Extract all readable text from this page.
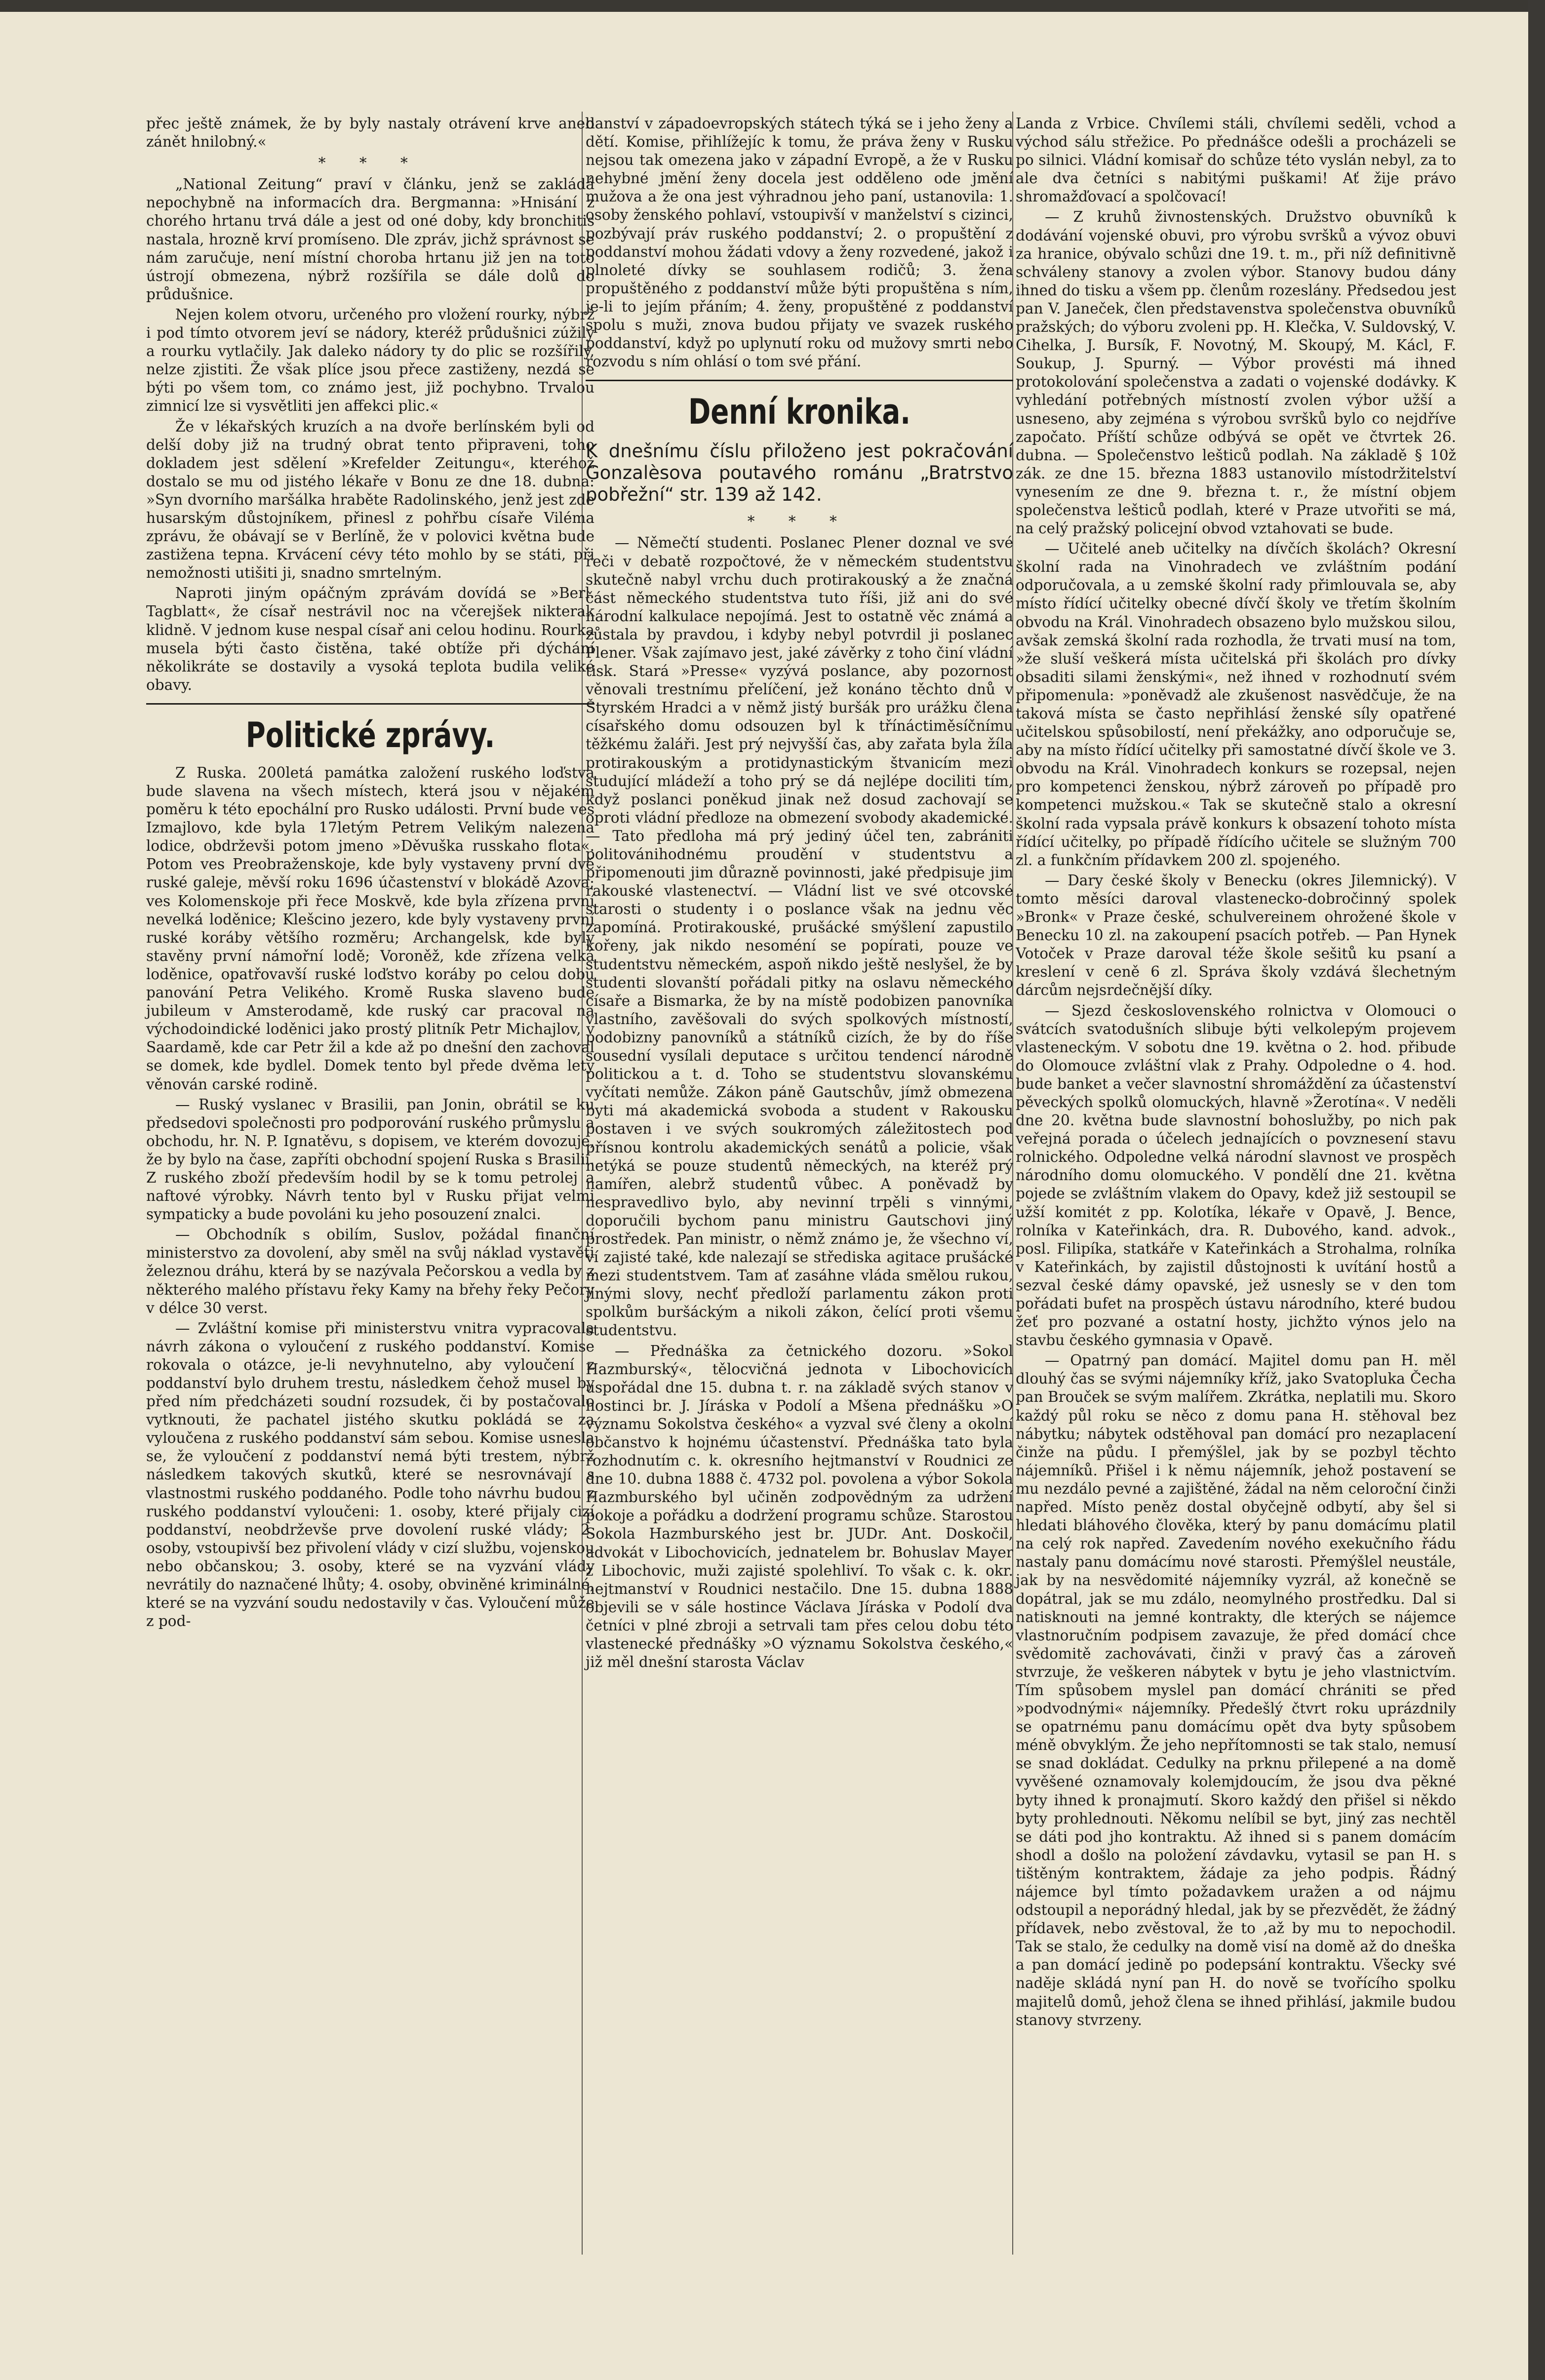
přec ještě známek, že by byly nastaly otrávení krve aneb zánět hnilobný.«

* * *

„National Zeitung“ praví v článku, jenž se zakládá nepochybně na informacích dra. Bergmanna: »Hnisání z chorého hrtanu trvá dále a jest od oné doby, kdy bronchitis nastala, hrozně krví promíseno. Dle zpráv, jichž správnost se nám zaručuje, není místní choroba hrtanu již jen na toto ústrojí obmezena, nýbrž rozšířila se dále dolů do průdušnice.

Nejen kolem otvoru, určeného pro vložení rourky, nýbrž i pod tímto otvorem jeví se nádory, kteréž průdušnici zúžily a rourku vytlačily. Jak daleko nádory ty do plic se rozšířily, nelze zjistiti. Že však plíce jsou přece zastiženy, nezdá se býti po všem tom, co známo jest, již pochybno. Trvalou zimnicí lze si vysvětliti jen affekci plic.«

Že v lékařských kruzích a na dvoře berlínském byli od delší doby již na trudný obrat tento připraveni, toho dokladem jest sdělení »Krefelder Zeitungu«, kteréhož dostalo se mu od jistého lékaře v Bonu ze dne 18. dubna: »Syn dvorního maršálka hraběte Radolinského, jenž jest zde husarským důstojníkem, přinesl z pohřbu císaře Viléma zprávu, že obávají se v Berlíně, že v polovici května bude zastižena tepna. Krvácení cévy této mohlo by se státi, při nemožnosti utišiti ji, snadno smrtelným.

Naproti jiným opáčným zprávám dovídá se »Berl. Tagblatt«, že císař nestrávil noc na včerejšek nikterak klidně. V jednom kuse nespal císař ani celou hodinu. Rourka musela býti často čistěna, také obtíže při dýchání několikráte se dostavily a vysoká teplota budila veliké obavy.

Politické zprávy.

Z Ruska. 200letá památka založení ruského loďstva bude slavena na všech místech, která jsou v nějakém poměru k této epochální pro Rusko události. První bude ves Izmajlovo, kde byla 17letým Petrem Velikým nalezena lodice, obdrževši potom jmeno »Děvuška russkaho flota«. Potom ves Preobraženskoje, kde byly vystaveny první dvě ruské galeje, měvší roku 1696 účastenství v blokádě Azova; ves Kolomenskoje při řece Moskvě, kde byla zřízena první nevelká loděnice; Klešcino jezero, kde byly vystaveny první ruské koráby většího rozměru; Archangelsk, kde byly stavěny první námořní lodě; Voroněž, kde zřízena velká loděnice, opatřovavší ruské loďstvo koráby po celou dobu panování Petra Velikého. Kromě Ruska slaveno bude jubileum v Amsterodamě, kde ruský car pracoval na východoindické loděnici jako prostý plitník Petr Michajlov, v Saardamě, kde car Petr žil a kde až po dnešní den zachoval se domek, kde bydlel. Domek tento byl přede dvěma lety věnován carské rodině.

— Ruský vyslanec v Brasilii, pan Jonin, obrátil se ku předsedovi společnosti pro podporování ruského průmyslu a obchodu, hr. N. P. Ignatěvu, s dopisem, ve kterém dovozuje, že by bylo na čase, zapříti obchodní spojení Ruska s Brasilií. Z ruského zboží především hodil by se k tomu petrolej a naftové výrobky. Návrh tento byl v Rusku přijat velmi sympaticky a bude povoláni ku jeho posouzení znalci.

— Obchodník s obilím, Suslov, požádal finanční ministerstvo za dovolení, aby směl na svůj náklad vystavěti železnou dráhu, která by se nazývala Pečorskou a vedla by z některého malého přístavu řeky Kamy na břehy řeky Pečory v délce 30 verst.

— Zvláštní komise při ministerstvu vnitra vypracovala návrh zákona o vyloučení z ruského poddanství. Komise rokovala o otázce, je-li nevyhnutelno, aby vyloučení z poddanství bylo druhem trestu, následkem čehož musel by před ním předcházeti soudní rozsudek, či by postačovalo vytknouti, že pachatel jistého skutku pokládá se za vyloučena z ruského poddanství sám sebou. Komise usnesla se, že vyloučení z poddanství nemá býti trestem, nýbrž následkem takových skutků, které se nesrovnávají s vlastnostmi ruského poddaného. Podle toho návrhu budou z ruského poddanství vyloučeni: 1. osoby, které přijaly cizí poddanství, neobdrževše prve dovolení ruské vlády; 2. osoby, vstoupivší bez přivolení vlády v cizí službu, vojenskou nebo občanskou; 3. osoby, které se na vyzvání vlády nevrátily do naznačené lhůty; 4. osoby, obviněné kriminálné, které se na vyzvání soudu nedostavily v čas. Vyloučení může z pod-

danství v západoevropských státech týká se i jeho ženy a dětí. Komise, přihlížejíc k tomu, že práva ženy v Rusku nejsou tak omezena jako v západní Evropě, a že v Rusku nehybné jmění ženy docela jest odděleno ode jmění mužova a že ona jest výhradnou jeho paní, ustanovila: 1. osoby ženského pohlaví, vstoupivší v manželství s cizinci, pozbývají práv ruského poddanství; 2. o propuštění z poddanství mohou žádati vdovy a ženy rozvedené, jakož i plnoleté dívky se souhlasem rodičů; 3. žena propuštěného z poddanství může býti propuštěna s ním, je-li to jejím přáním; 4. ženy, propuštěné z poddanství spolu s muži, znova budou přijaty ve svazek ruského poddanství, když po uplynutí roku od mužovy smrti nebo rozvodu s ním ohlásí o tom své přání.

Denní kronika.
K dnešnímu číslu přiloženo jest pokračování Gonzalèsova poutavého románu „Bratrstvo pobřežní“ str. 139 až 142.

* * *

— Němečtí studenti. Poslanec Plener doznal ve své řeči v debatě rozpočtové, že v německém studentstvu skutečně nabyl vrchu duch protirakouský a že značná část německého studentstva tuto říši, již ani do své národní kalkulace nepojímá. Jest to ostatně věc známá a zůstala by pravdou, i kdyby nebyl potvrdil ji poslanec Plener. Však zajímavo jest, jaké závěrky z toho činí vládní tisk. Stará »Presse« vyzývá poslance, aby pozornost věnovali trestnímu přelíčení, jež konáno těchto dnů v Štyrském Hradci a v němž jistý buršák pro urážku člena císařského domu odsouzen byl k třínáctiměsíčnímu těžkému žaláři. Jest prý nejvyšší čas, aby zařata byla žíla protirakouským a protidynastickým štvanicím mezi studující mládeží a toho prý se dá nejlépe dociliti tím, když poslanci poněkud jinak než dosud zachovají se oproti vládní předloze na obmezení svobody akademické. — Tato předloha má prý jediný účel ten, zabrániti politovánihodnému proudění v studentstvu a připomenouti jim důrazně povinnosti, jaké předpisuje jim rakouské vlastenectví. — Vládní list ve své otcovské starosti o studenty i o poslance však na jednu věc zapomíná. Protirakouské, prušácké smýšlení zapustilo kořeny, jak nikdo nesoméní se popírati, pouze ve studentstvu německém, aspoň nikdo ještě neslyšel, že by studenti slovanští pořádali pitky na oslavu německého císaře a Bismarka, že by na místě podobizen panovníka vlastního, zavěšovali do svých spolkových místností, podobizny panovníků a státníků cizích, že by do říše sousední vysílali deputace s určitou tendencí národně politickou a t. d. Toho se studentstvu slovanskému vyčítati nemůže. Zákon páně Gautschův, jímž obmezena byti má akademická svoboda a student v Rakousku postaven i ve svých soukromých záležitostech pod přísnou kontrolu akademických senátů a policie, však netýká se pouze studentů německých, na kteréž prý namířen, alebrž studentů vůbec. A poněvadž by nespravedlivo bylo, aby nevinní trpěli s vinnými, doporučili bychom panu ministru Gautschovi jiný prostředek. Pan ministr, o němž známo je, že všechno ví, ví zajisté také, kde nalezají se střediska agitace prušácké mezi studentstvem. Tam ať zasáhne vláda smělou rukou, jinými slovy, nechť předloží parlamentu zákon proti spolkům buršáckým a nikoli zákon, čelící proti všemu studentstvu.

— Přednáška za četnického dozoru. »Sokol Hazmburský«, tělocvičná jednota v Libochovicích uspořádal dne 15. dubna t. r. na základě svých stanov v hostinci br. J. Jíráska v Podolí a Mšena přednášku »O významu Sokolstva českého« a vyzval své členy a okolní občanstvo k hojnému účastenství. Přednáška tato byla rozhodnutím c. k. okresního hejtmanství v Roudnici ze dne 10. dubna 1888 č. 4732 pol. povolena a výbor Sokola Hazmburského byl učiněn zodpovědným za udržení pokoje a pořádku a dodržení programu schůze. Starostou Sokola Hazmburského jest br. JUDr. Ant. Doskočil, advokát v Libochovicích, jednatelem br. Bohuslav Mayer z Libochovic, muži zajisté spolehliví. To však c. k. okr. hejtmanství v Roudnici nestačilo. Dne 15. dubna 1888 objevili se v sále hostince Václava Jíráska v Podolí dva četníci v plné zbroji a setrvali tam přes celou dobu této vlastenecké přednášky »O významu Sokolstva českého,« již měl dnešní starosta Václav

Landa z Vrbice. Chvílemi stáli, chvílemi seděli, vchod a východ sálu střežice. Po přednášce odešli a procházeli se po silnici. Vládní komisař do schůze této vyslán nebyl, za to ale dva četníci s nabitými puškami! Ať žije právo shromažďovací a spolčovací!

— Z kruhů živnostenských. Družstvo obuvníků k dodávání vojenské obuvi, pro výrobu svršků a vývoz obuvi za hranice, obývalo schůzi dne 19. t. m., při níž definitivně schváleny stanovy a zvolen výbor. Stanovy budou dány ihned do tisku a všem pp. členům rozeslány. Předsedou jest pan V. Janeček, člen představenstva společenstva obuvníků pražských; do výboru zvoleni pp. H. Klečka, V. Suldovský, V. Cihelka, J. Bursík, F. Novotný, M. Skoupý, M. Kácl, F. Soukup, J. Spurný. — Výbor provésti má ihned protokolování společenstva a zadati o vojenské dodávky. K vyhledání potřebných místností zvolen výbor užší a usneseno, aby zejména s výrobou svršků bylo co nejdříve započato. Příští schůze odbývá se opět ve čtvrtek 26. dubna. — Společenstvo lešticů podlah. Na základě § 10ž zák. ze dne 15. března 1883 ustanovilo místodržitelství vynesením ze dne 9. března t. r., že místní objem společenstva lešticů podlah, které v Praze utvořiti se má, na celý pražský policejní obvod vztahovati se bude.

— Učitelé aneb učitelky na dívčích školách? Okresní školní rada na Vinohradech ve zvláštním podání odporučovala, a u zemské školní rady přimlouvala se, aby místo řídící učitelky obecné dívčí školy ve třetím školním obvodu na Král. Vinohradech obsazeno bylo mužskou silou, avšak zemská školní rada rozhodla, že trvati musí na tom, »že sluší veškerá místa učitelská při školách pro dívky obsaditi silami ženskými«, než ihned v rozhodnutí svém připomenula: »poněvadž ale zkušenost nasvědčuje, že na taková místa se často nepřihlásí ženské síly opatřené učitelskou spůsobilostí, není překážky, ano odporučuje se, aby na místo řídící učitelky při samostatné dívčí škole ve 3. obvodu na Král. Vinohradech konkurs se rozepsal, nejen pro kompetenci ženskou, nýbrž zároveň po případě pro kompetenci mužskou.« Tak se skutečně stalo a okresní školní rada vypsala právě konkurs k obsazení tohoto místa řídící učitelky, po případě řídícího učitele se služným 700 zl. a funkčním přídavkem 200 zl. spojeného.

— Dary české školy v Benecku (okres Jilemnický). V tomto měsíci daroval vlastenecko-dobročinný spolek »Bronk« v Praze české, schulvereinem ohrožené škole v Benecku 10 zl. na zakoupení psacích potřeb. — Pan Hynek Votoček v Praze daroval téže škole sešitů ku psaní a kreslení v ceně 6 zl. Správa školy vzdává šlechetným dárcům nejsrdečnější díky.

— Sjezd československého rolnictva v Olomouci o svátcích svatodušních slibuje býti velkolepým projevem vlasteneckým. V sobotu dne 19. května o 2. hod. přibude do Olomouce zvláštní vlak z Prahy. Odpoledne o 4. hod. bude banket a večer slavnostní shromáždění za účastenství pěveckých spolků olomuckých, hlavně »Žerotína«. V neděli dne 20. května bude slavnostní bohoslužby, po nich pak veřejná porada o účelech jednajících o povznesení stavu rolnického. Odpoledne velká národní slavnost ve prospěch národního domu olomuckého. V pondělí dne 21. května pojede se zvláštním vlakem do Opavy, kdež již sestoupil se užší komitét z pp. Kolotíka, lékaře v Opavě, J. Bence, rolníka v Kateřinkách, dra. R. Dubového, kand. advok., posl. Filipíka, statkáře v Kateřinkách a Strohalma, rolníka v Kateřinkách, by zajistil důstojnosti k uvítání hostů a sezval české dámy opavské, jež usnesly se v den tom pořádati bufet na prospěch ústavu národního, které budou žeť pro pozvané a ostatní hosty, jichžto výnos jelo na stavbu českého gymnasia v Opavě.

— Opatrný pan domácí. Majitel domu pan H. měl dlouhý čas se svými nájemníky kříž, jako Svatopluka Čecha pan Brouček se svým malířem. Zkrátka, neplatili mu. Skoro každý půl roku se něco z domu pana H. stěhoval bez nábytku; nábytek odstěhoval pan domácí pro nezaplacení činže na půdu. I přemýšlel, jak by se pozbyl těchto nájemníků. Přišel i k němu nájemník, jehož postavení se mu nezdálo pevné a zajištěné, žádal na něm celoroční činži napřed. Místo peněz dostal obyčejně odbytí, aby šel si hledati bláhového člověka, který by panu domácímu platil na celý rok napřed. Zavedením nového exekučního řádu nastaly panu domácímu nové starosti. Přemýšlel neustále, jak by na nesvědomité nájemníky vyzrál, až konečně se dopátral, jak se mu zdálo, neomylného prostředku. Dal si natisknouti na jemné kontrakty, dle kterých se nájemce vlastnoručním podpisem zavazuje, že před domácí chce svědomitě zachovávati, činži v pravý čas a zároveň stvrzuje, že veškeren nábytek v bytu je jeho vlastnictvím. Tím spůsobem myslel pan domácí chrániti se před »podvodnými« nájemníky. Předešlý čtvrt roku uprázdnily se opatrnému panu domácímu opět dva byty spůsobem méně obvyklým. Že jeho nepřítomnosti se tak stalo, nemusí se snad dokládat. Cedulky na prknu přilepené a na domě vyvěšené oznamovaly kolemjdoucím, že jsou dva pěkné byty ihned k pronajmutí. Skoro každý den přišel si někdo byty prohlednouti. Někomu nelíbil se byt, jiný zas nechtěl se dáti pod jho kontraktu. Až ihned si s panem domácím shodl a došlo na položení závdavku, vytasil se pan H. s tištěným kontraktem, žádaje za jeho podpis. Řádný nájemce byl tímto požadavkem uražen a od nájmu odstoupil a neporádný hledal, jak by se přezvědět, že žádný přídavek, nebo zvěstoval, že to ,až by mu to nepochodil. Tak se stalo, že cedulky na domě visí na domě až do dneška a pan domácí jedině po podepsání kontraktu. Všecky své naděje skládá nyní pan H. do nově se tvořícího spolku majitelů domů, jehož člena se ihned přihlásí, jakmile budou stanovy stvrzeny.
